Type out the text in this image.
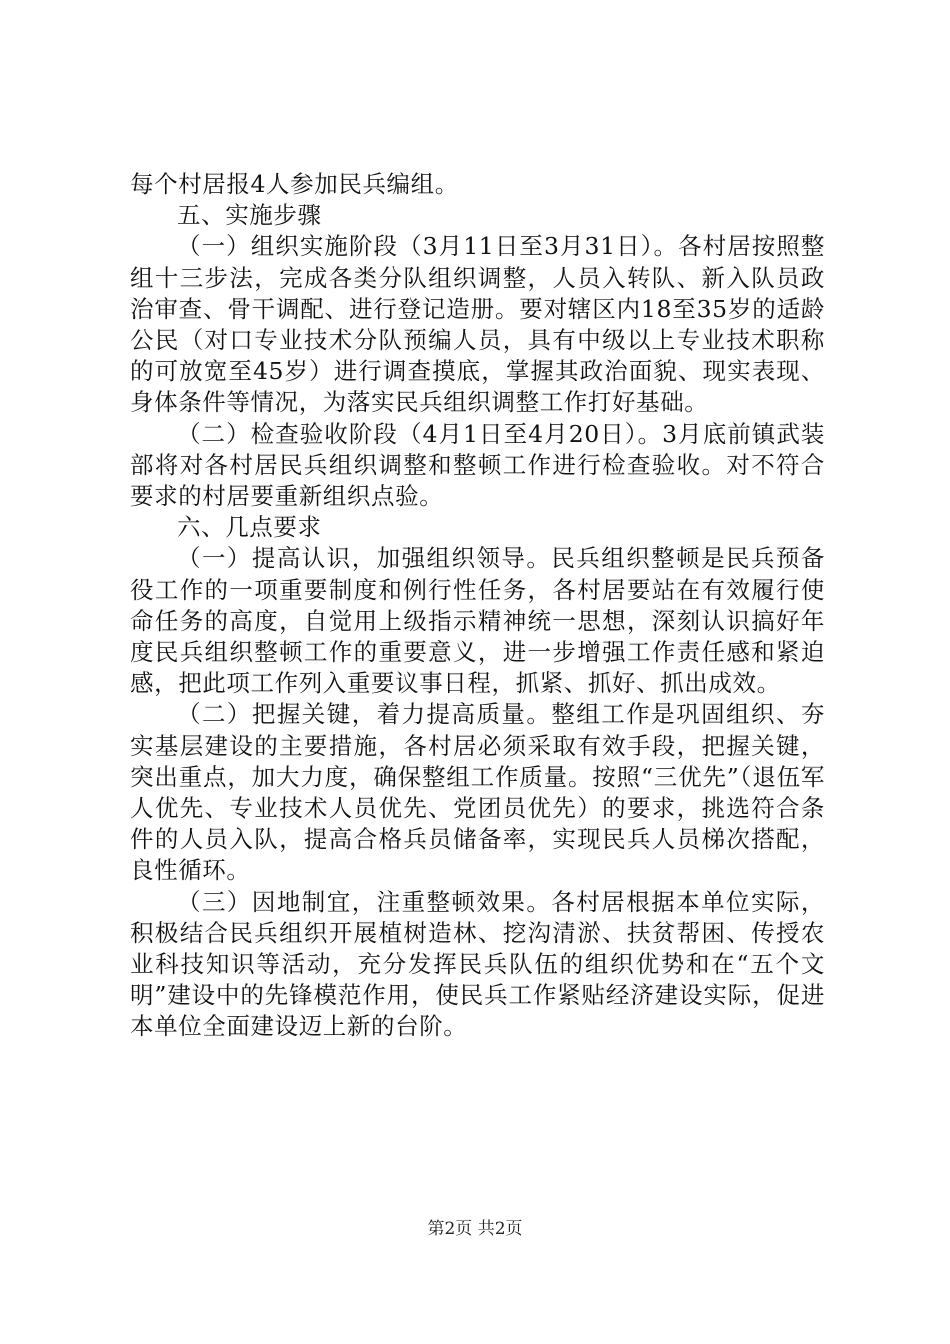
每个村居报4人参加民兵编组。

五、实施步骤

（一）组织实施阶段（3月11日至3月31日）。各村居按照整组十三步法，完成各类分队组织调整，人员入转队、新入队员政治审查、骨干调配、进行登记造册。要对辖区内18至35岁的适龄公民（对口专业技术分队预编人员，具有中级以上专业技术职称的可放宽至45岁）进行调查摸底，掌握其政治面貌、现实表现、身体条件等情况，为落实民兵组织调整工作打好基础。

（二）检查验收阶段（4月1日至4月20日）。3月底前镇武装部将对各村居民兵组织调整和整顿工作进行检查验收。对不符合要求的村居要重新组织点验。

六、几点要求

（一）提高认识，加强组织领导。民兵组织整顿是民兵预备役工作的一项重要制度和例行性任务，各村居要站在有效履行使命任务的高度，自觉用上级指示精神统一思想，深刻认识搞好年度民兵组织整顿工作的重要意义，进一步增强工作责任感和紧迫感，把此项工作列入重要议事日程，抓紧、抓好、抓出成效。

（二）把握关键，着力提高质量。整组工作是巩固组织、夯实基层建设的主要措施，各村居必须采取有效手段，把握关键，突出重点，加大力度，确保整组工作质量。按照“三优先”（退伍军人优先、专业技术人员优先、党团员优先）的要求，挑选符合条件的人员入队，提高合格兵员储备率，实现民兵人员梯次搭配，良性循环。

（三）因地制宜，注重整顿效果。各村居根据本单位实际，积极结合民兵组织开展植树造林、挖沟清淤、扶贫帮困、传授农业科技知识等活动，充分发挥民兵队伍的组织优势和在“五个文明”建设中的先锋模范作用，使民兵工作紧贴经济建设实际，促进本单位全面建设迈上新的台阶。

第2页 共2页
